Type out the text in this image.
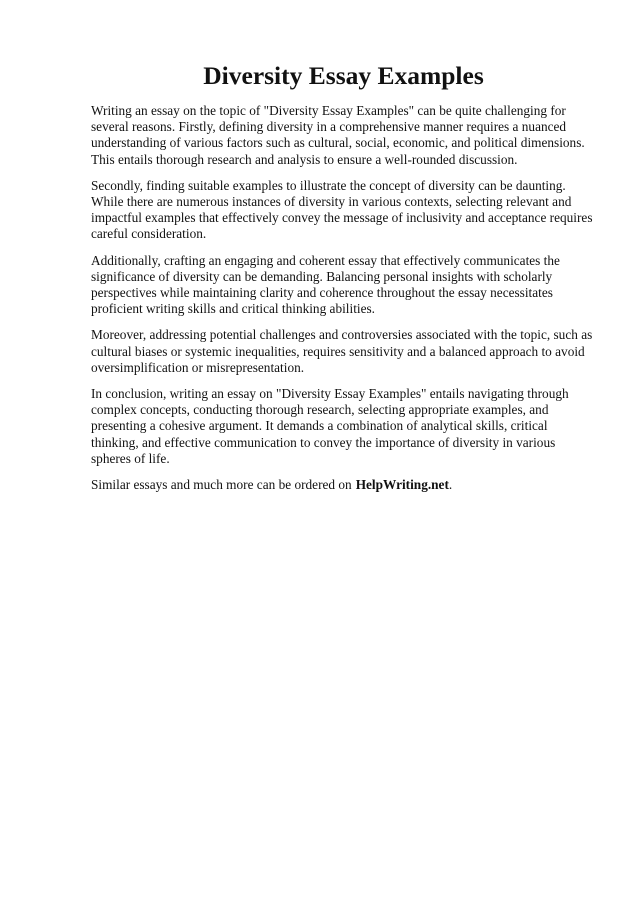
Diversity Essay Examples

Writing an essay on the topic of "Diversity Essay Examples" can be quite challenging for several reasons. Firstly, defining diversity in a comprehensive manner requires a nuanced understanding of various factors such as cultural, social, economic, and political dimensions. This entails thorough research and analysis to ensure a well-rounded discussion.

Secondly, finding suitable examples to illustrate the concept of diversity can be daunting. While there are numerous instances of diversity in various contexts, selecting relevant and impactful examples that effectively convey the message of inclusivity and acceptance requires careful consideration.

Additionally, crafting an engaging and coherent essay that effectively communicates the significance of diversity can be demanding. Balancing personal insights with scholarly perspectives while maintaining clarity and coherence throughout the essay necessitates proficient writing skills and critical thinking abilities.

Moreover, addressing potential challenges and controversies associated with the topic, such as cultural biases or systemic inequalities, requires sensitivity and a balanced approach to avoid oversimplification or misrepresentation.

In conclusion, writing an essay on "Diversity Essay Examples" entails navigating through complex concepts, conducting thorough research, selecting appropriate examples, and presenting a cohesive argument. It demands a combination of analytical skills, critical thinking, and effective communication to convey the importance of diversity in various spheres of life.

Similar essays and much more can be ordered on HelpWriting.net.
